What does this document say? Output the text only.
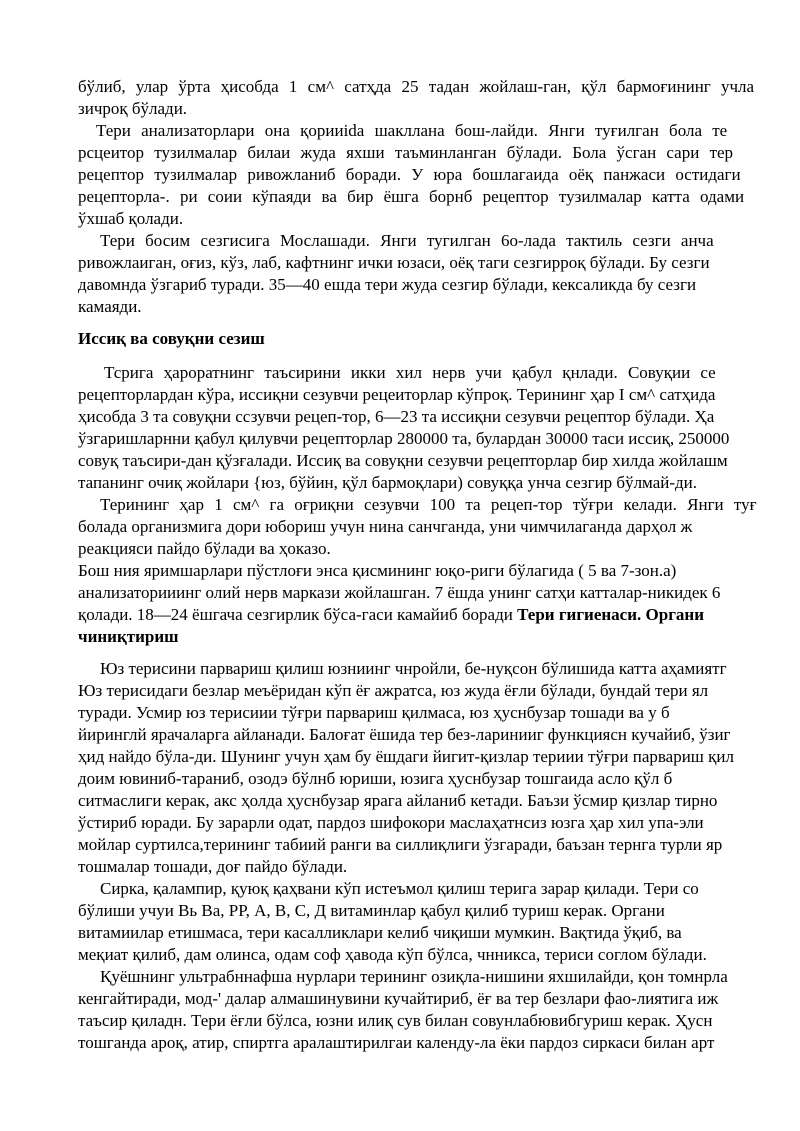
бўлиб, улар ўрта ҳисобда 1 см^ сатҳда 25 тадан жойлаш-ган, қўл бармоғининг учла
зичроқ бўлади.
Тери анализаторлари она қорииida шакллана бош-лайди. Янги туғилган бола те
рсцеитор тузилмалар билаи жуда яхши таъминланган бўлади. Бола ўсган сари тер
рецептор тузилмалар ривожланиб боради. У юра бошлагаида оёқ панжаси остидаги
рецепторла-. ри соии кўпаяди ва бир ёшга борнб рецептор тузилмалар катта одами
ўхшаб қолади.
Тери босим сезгисига Мослашади. Янги тугилган 6о-лада тактиль сезги анча
ривожлаиган, оғиз, кўз, лаб, кафтнинг ички юзаси, оёқ таги сезгирроқ бўлади. Бу сезги
давомнда ўзгариб туради. 35—40 ешда тери жуда сезгир бўлади, кексаликда бу сезги
камаяди.
Иссиқ ва совуқни сезиш
Тсрига ҳароратнинг таъсирини икки хил нерв учи қабул қнлади. Совуқии се
рецепторлардан кўра, иссиқни сезувчи рецеиторлар кўпроқ. Терининг ҳар I см^ сатҳида
ҳисобда 3 та совуқни ссзувчи рецеп-тор, 6—23 та иссиқни сезувчи рецептор бўлади. Ҳа
ўзгаришларнни қабул қилувчи рецепторлар 280000 та, булардан 30000 таси иссиқ, 250000
совуқ таъсири-дан қўзғалади. Иссиқ ва совуқни сезувчи рецепторлар бир хилда жойлашм
тапанинг очиқ жойлари {юз, бўйин, қўл бармоқлари) совуққа унча сезгир бўлмай-ди.
Терининг ҳар 1 см^ га оғриқни сезувчи 100 та рецеп-тор тўғри келади. Янги туғ
болада организмига дори юбориш учун нина санчганда, уни чимчилаганда дарҳол ж
реакцияси пайдо бўлади ва ҳоказо.
Бош ния яримшарлари пўстлоғи энса қисмининг юқо-риги бўлагида ( 5 ва 7-зон.а)
анализаторииинг олий нерв маркази жойлашган. 7 ёшда унинг сатҳи катталар-никидек 6
қолади. 18—24 ёшгача сезгирлик бўса-гаси камайиб боради Тери гигиенаси. Органи
чиниқтириш
Юз терисини парвариш қилиш юзниинг чнройли, бе-нуқсон бўлишида катта аҳамиятг
Юз терисидаги безлар меъёридан кўп ёғ ажратса, юз жуда ёғли бўлади, бундай тери ял
туради. Усмир юз терисиии тўғри парвариш қилмаса, юз ҳуснбузар тошади ва у б
йиринглй ярачаларга айланади. Балоғат ёшида тер без-ларинииг функциясн кучайиб, ўзиг
ҳид найдо бўла-ди. Шунинг учун ҳам бу ёшдаги йигит-қизлар териии тўғри парвариш қил
доим ювиниб-тараниб, озодэ бўлнб юриши, юзига ҳуснбузар тошгаида асло қўл б
ситмаслиги керак, акс ҳолда ҳуснбузар ярага айланиб кетади. Баъзи ўсмир қизлар тирно
ўстириб юради. Бу зарарли одат, пардоз шифокори маслаҳатнсиз юзга ҳар хил упа-эли
мойлар суртилса,терининг табиий ранги ва силлиқлиги ўзгаради, баъзан тернга турли яр
тошмалар тошади, доғ пайдо бўлади.
Сирка, қалампир, қуюқ қаҳвани кўп истеъмол қилиш терига зарар қилади. Тери со
бўлиши учуи Вь Ва, РР, А, В, С, Д витаминлар қабул қилиб туриш керак. Органи
витамиилар етишмаса, тери касалликлари келиб чиқиши мумкин. Вақтида ўқиб, ва
меқиат қилиб, дам олинса, одам соф ҳавода кўп бўлса, чнникса, териси соглом бўлади.
Қуёшнинг ультрабннафша нурлари терининг озиқла-нишини яхшилайди, қон томнрла
кенгайтиради, мод-' далар алмашинувини кучайтириб, ёғ ва тер безлари фао-лиятига иж
таъсир қиладн. Тери ёғли бўлса, юзни илиқ сув билан совунлабювибгуриш керак. Ҳусн
тошганда ароқ, атир, спиртга аралаштирилгаи календу-ла ёки пардоз сиркаси билан арт
